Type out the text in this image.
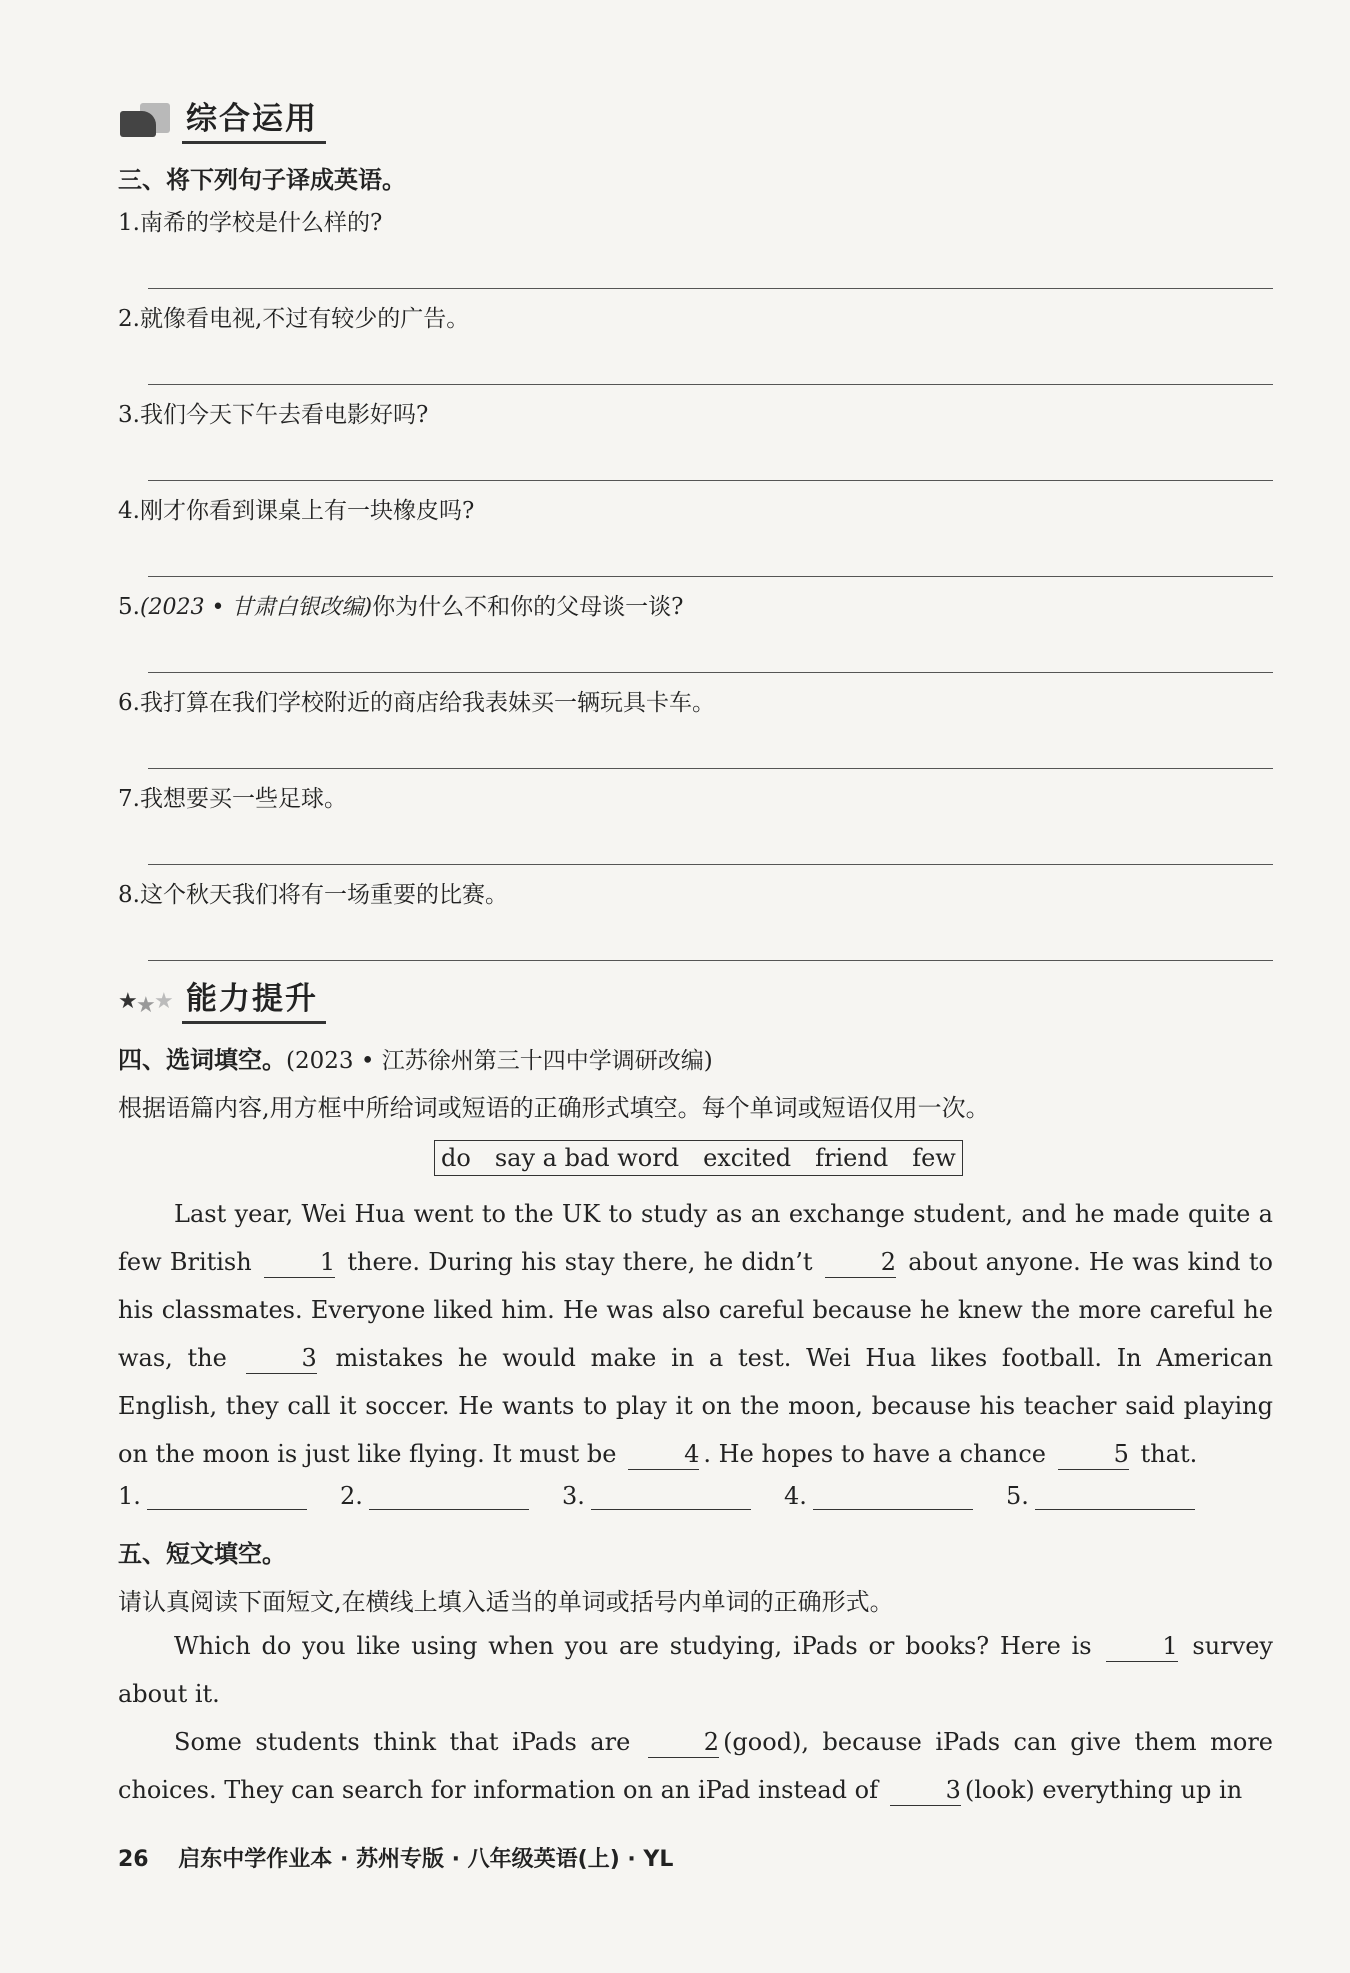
综合运用
三、将下列句子译成英语。
1.南希的学校是什么样的?
2.就像看电视,不过有较少的广告。
3.我们今天下午去看电影好吗?
4.刚才你看到课桌上有一块橡皮吗?
5.(2023 • 甘肃白银改编)你为什么不和你的父母谈一谈?
6.我打算在我们学校附近的商店给我表妹买一辆玩具卡车。
7.我想要买一些足球。
8.这个秋天我们将有一场重要的比赛。
★
★
★ 能力提升
四、选词填空。(2023 • 江苏徐州第三十四中学调研改编)
根据语篇内容,用方框中所给词或短语的正确形式填空。每个单词或短语仅用一次。
do say a bad word excited friend few
Last year, Wei Hua went to the UK to study as an exchange student, and he made quite a few British	1 there. During his stay there, he didn’t	2 about anyone. He was kind to his classmates. Everyone liked him. He was also careful because he knew the more careful he was, the	3 mistakes he would make in a test. Wei Hua likes football. In American English, they call it soccer. He wants to play it on the moon, because his teacher said playing on the moon is just like flying. It must be	4 . He hopes to have a chance	5 that.
1.	2.	3.	4.	5.
五、短文填空。
请认真阅读下面短文,在横线上填入适当的单词或括号内单词的正确形式。
Which do you like using when you are studying, iPads or books? Here is	1 survey about it.
Some students think that iPads are	2 (good), because iPads can give them more choices. They can search for information on an iPad instead of	3 (look) everything up in
26 启东中学作业本 · 苏州专版 · 八年级英语(上) · YL
